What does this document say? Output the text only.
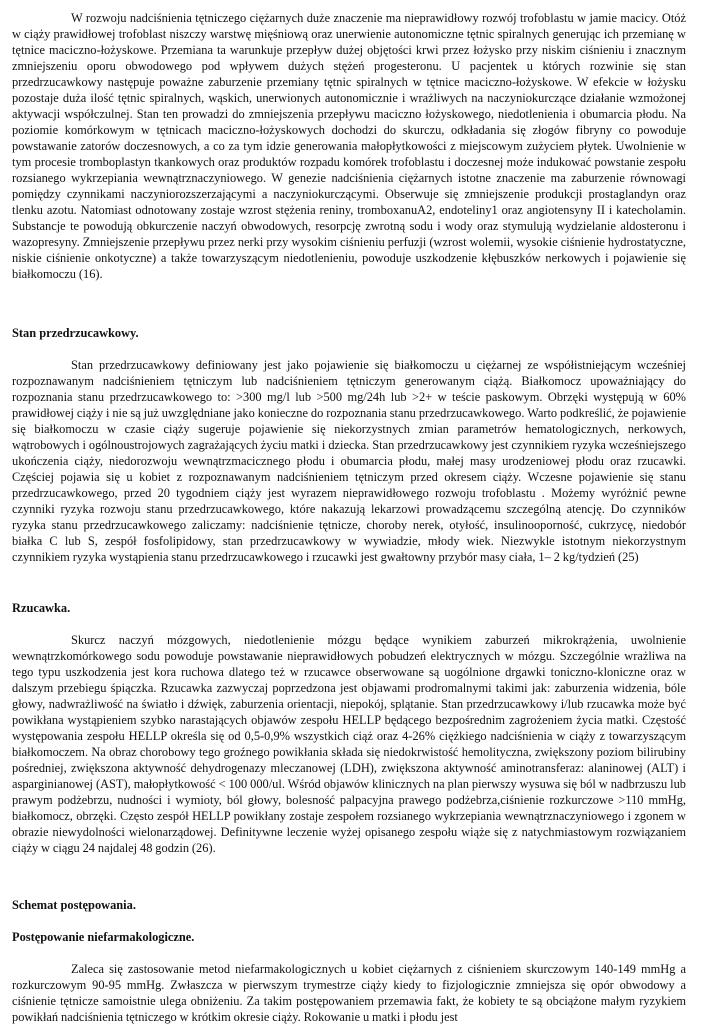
W rozwoju nadciśnienia tętniczego ciężarnych duże znaczenie ma nieprawidłowy rozwój trofoblastu w jamie macicy. Otóż w ciąży prawidłowej trofoblast niszczy warstwę mięśniową oraz unerwienie autonomiczne tętnic spiralnych generując ich przemianę w tętnice maciczno-łożyskowe. Przemiana ta warunkuje przepływ dużej objętości krwi przez łożysko przy niskim ciśnieniu i znacznym zmniejszeniu oporu obwodowego pod wpływem dużych stężeń progesteronu. U pacjentek u których rozwinie się stan przedrzucawkowy następuje poważne zaburzenie przemiany tętnic spiralnych w tętnice maciczno-łożyskowe. W efekcie w łożysku pozostaje duża ilość tętnic spiralnych, wąskich, unerwionych autonomicznie i wrażliwych na naczyniokurczące działanie wzmożonej aktywacji współczulnej. Stan ten prowadzi do zmniejszenia przepływu maciczno łożyskowego, niedotlenienia i obumarcia płodu. Na poziomie komórkowym w tętnicach maciczno-łożyskowych dochodzi do skurczu, odkładania się złogów fibryny co powoduje powstawanie zatorów doczesnowych, a co za tym idzie generowania małopłytkowości z miejscowym zużyciem płytek. Uwolnienie w tym procesie tromboplastyn tkankowych oraz produktów rozpadu komórek trofoblastu i doczesnej może indukować powstanie zespołu rozsianego wykrzepiania wewnątrznaczyniowego. W genezie nadciśnienia ciężarnych istotne znaczenie ma zaburzenie równowagi pomiędzy czynnikami naczyniorozszerzającymi a naczyniokurczącymi. Obserwuje się zmniejszenie produkcji prostaglandyn oraz tlenku azotu. Natomiast odnotowany zostaje wzrost stężenia reniny, tromboxanuA2, endoteliny1 oraz angiotensyny II i katecholamin. Substancje te powodują obkurczenie naczyń obwodowych, resorpcję zwrotną sodu i wody oraz stymulują wydzielanie aldosteronu i wazopresyny. Zmniejszenie przepływu przez nerki przy wysokim ciśnieniu perfuzji (wzrost wolemii, wysokie ciśnienie hydrostatyczne, niskie ciśnienie onkotyczne) a także towarzyszącym niedotlenieniu, powoduje uszkodzenie kłębuszków nerkowych i pojawienie się białkomoczu (16).

Stan przedrzucawkowy.

Stan przedrzucawkowy definiowany jest jako pojawienie się białkomoczu u ciężarnej ze współistniejącym wcześniej rozpoznawanym nadciśnieniem tętniczym lub nadciśnieniem tętniczym generowanym ciążą. Białkomocz upoważniający do rozpoznania stanu przedrzucawkowego to: >300 mg/l lub >500 mg/24h lub >2+ w teście paskowym. Obrzęki występują w 60% prawidłowej ciąży i nie są już uwzględniane jako konieczne do rozpoznania stanu przedrzucawkowego. Warto podkreślić, że pojawienie się białkomoczu w czasie ciąży sugeruje pojawienie się niekorzystnych zmian parametrów hematologicznych, nerkowych, wątrobowych i ogólnoustrojowych zagrażających życiu matki i dziecka. Stan przedrzucawkowy jest czynnikiem ryzyka wcześniejszego ukończenia ciąży, niedorozwoju wewnątrzmacicznego płodu i obumarcia płodu, małej masy urodzeniowej płodu oraz rzucawki. Częściej pojawia się u kobiet z rozpoznawanym nadciśnieniem tętniczym przed okresem ciąży. Wczesne pojawienie się stanu przedrzucawkowego, przed 20 tygodniem ciąży jest wyrazem nieprawidłowego rozwoju trofoblastu . Możemy wyróżnić pewne czynniki ryzyka rozwoju stanu przedrzucawkowego, które nakazują lekarzowi prowadzącemu szczególną atencję. Do czynników ryzyka stanu przedrzucawkowego zaliczamy: nadciśnienie tętnicze, choroby nerek, otyłość, insulinooporność, cukrzycę, niedobór białka C lub S, zespół fosfolipidowy, stan przedrzucawkowy w wywiadzie, młody wiek. Niezwykle istotnym niekorzystnym czynnikiem ryzyka wystąpienia stanu przedrzucawkowego i rzucawki jest gwałtowny przybór masy ciała, 1– 2 kg/tydzień (25)

Rzucawka.

Skurcz naczyń mózgowych, niedotlenienie mózgu będące wynikiem zaburzeń mikrokrążenia, uwolnienie wewnątrzkomórkowego sodu powoduje powstawanie nieprawidłowych pobudzeń elektrycznych w mózgu. Szczególnie wrażliwa na tego typu uszkodzenia jest kora ruchowa dlatego też w rzucawce obserwowane są uogólnione drgawki toniczno-kloniczne oraz w dalszym przebiegu śpiączka. Rzucawka zazwyczaj poprzedzona jest objawami prodromalnymi takimi jak: zaburzenia widzenia, bóle głowy, nadwrażliwość na światło i dźwięk, zaburzenia orientacji, niepokój, splątanie. Stan przedrzucawkowy i/lub rzucawka może być powikłana wystąpieniem szybko narastających objawów zespołu HELLP będącego bezpośrednim zagrożeniem życia matki. Częstość występowania zespołu HELLP określa się od 0,5-0,9% wszystkich ciąż oraz 4-26% ciężkiego nadciśnienia w ciąży z towarzyszącym białkomoczem. Na obraz chorobowy tego groźnego powikłania składa się niedokrwistość hemolityczna, zwiększony poziom bilirubiny pośredniej, zwiększona aktywność dehydrogenazy mleczanowej (LDH), zwiększona aktywność aminotransferaz: alaninowej (ALT) i asparginianowej (AST), małopłytkowość < 100 000/ul. Wśród objawów klinicznych na plan pierwszy wysuwa się ból w nadbrzuszu lub prawym podżebrzu, nudności i wymioty, ból głowy, bolesność palpacyjna prawego podżebrza,ciśnienie rozkurczowe >110 mmHg, białkomocz, obrzęki. Często zespół HELLP powikłany zostaje zespołem rozsianego wykrzepiania wewnątrznaczyniowego i zgonem w obrazie niewydolności wielonarządowej. Definitywne leczenie wyżej opisanego zespołu wiąże się z natychmiastowym rozwiązaniem ciąży w ciągu 24 najdalej 48 godzin (26).

Schemat postępowania.
Postępowanie niefarmakologiczne.

Zaleca się zastosowanie metod niefarmakologicznych u kobiet ciężarnych z ciśnieniem skurczowym 140-149 mmHg a rozkurczowym 90-95 mmHg. Zwłaszcza w pierwszym trymestrze ciąży kiedy to fizjologicznie zmniejsza się opór obwodowy a ciśnienie tętnicze samoistnie ulega obniżeniu. Za takim postępowaniem przemawia fakt, że kobiety te są obciążone małym ryzykiem powikłań nadciśnienia tętniczego w krótkim okresie ciąży. Rokowanie u matki i płodu jest
